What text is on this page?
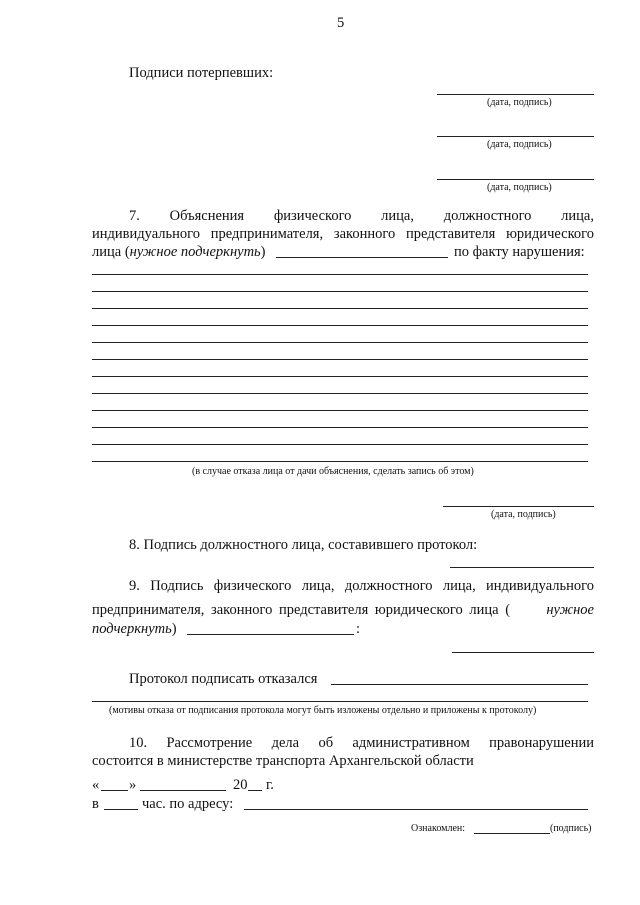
5
Подписи потерпевших:
(дата, подпись)
(дата, подпись)
(дата, подпись)
7. Объяснения физического лица, должностного лица,
индивидуального предпринимателя, законного представителя юридического
лица (нужное подчеркнуть)	по факту нарушения:
(в случае отказа лица от дачи объяснения, сделать запись об этом)
(дата, подпись)
8. Подпись должностного лица, составившего протокол:
9. Подпись физического лица, должностного лица, индивидуального
предпринимателя, законного представителя юридического лица (	нужное
подчеркнуть)	:
Протокол подписать отказался
(мотивы отказа от подписания протокола могут быть изложены отдельно и приложены к протоколу)
10. Рассмотрение дела об административном правонарушении
состоится в министерстве транспорта Архангельской области
« »	20 г.
в	час. по адресу:
Ознакомлен:	(подпись)
